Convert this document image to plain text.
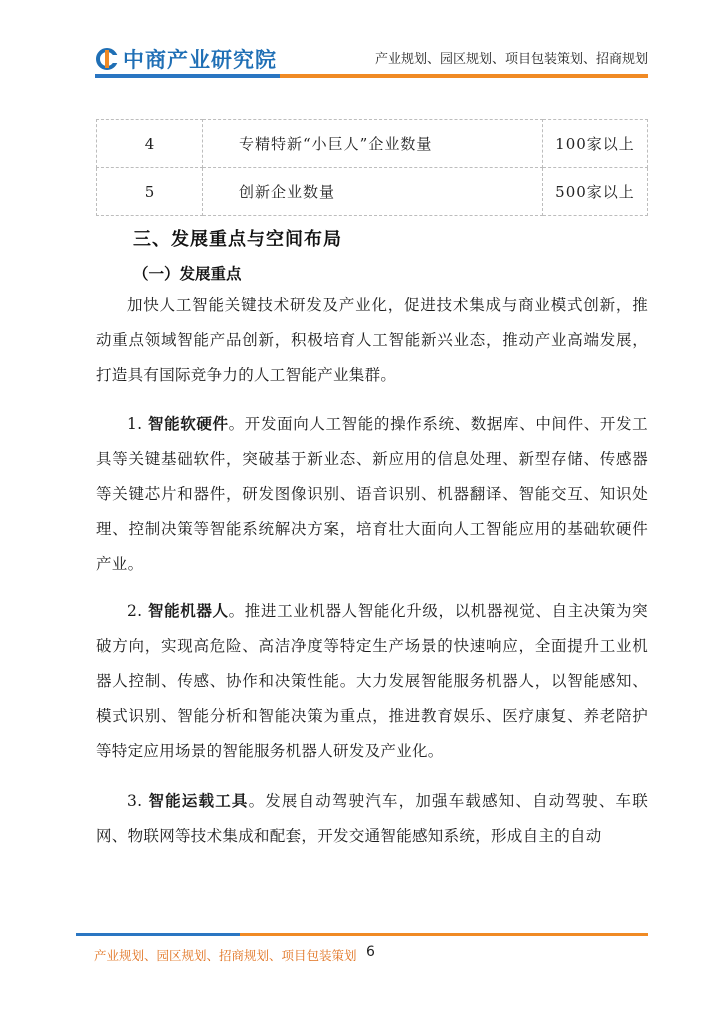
中商产业研究院	产业规划、园区规划、项目包装策划、招商规划
4	专精特新“小巨人”企业数量	100家以上
5	创新企业数量	500家以上
三、发展重点与空间布局
（一）发展重点

加快人工智能关键技术研发及产业化，促进技术集成与商业模式创新，推动重点领域智能产品创新，积极培育人工智能新兴业态，推动产业高端发展，打造具有国际竞争力的人工智能产业集群。

1. 智能软硬件。开发面向人工智能的操作系统、数据库、中间件、开发工具等关键基础软件，突破基于新业态、新应用的信息处理、新型存储、传感器等关键芯片和器件，研发图像识别、语音识别、机器翻译、智能交互、知识处理、控制决策等智能系统解决方案，培育壮大面向人工智能应用的基础软硬件产业。

2. 智能机器人。推进工业机器人智能化升级，以机器视觉、自主决策为突破方向，实现高危险、高洁净度等特定生产场景的快速响应，全面提升工业机器人控制、传感、协作和决策性能。大力发展智能服务机器人，以智能感知、模式识别、智能分析和智能决策为重点，推进教育娱乐、医疗康复、养老陪护等特定应用场景的智能服务机器人研发及产业化。

3. 智能运载工具。发展自动驾驶汽车，加强车载感知、自动驾驶、车联网、物联网等技术集成和配套，开发交通智能感知系统，形成自主的自动

产业规划、园区规划、招商规划、项目包装策划 6
